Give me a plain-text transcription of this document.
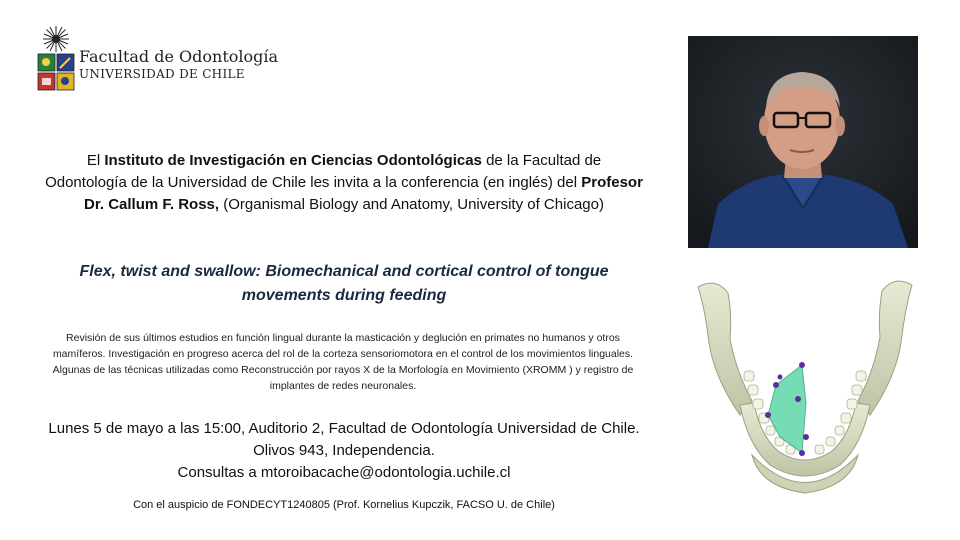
Facultad de Odontología
UNIVERSIDAD DE CHILE
El Instituto de Investigación en Ciencias Odontológicas de la Facultad de Odontología de la Universidad de Chile les invita a la conferencia (en inglés) del Profesor Dr. Callum F. Ross, (Organismal Biology and Anatomy, University of Chicago)
Flex, twist and swallow: Biomechanical and cortical control of tongue movements during feeding
Revisión de sus últimos estudios en función lingual durante la masticación y deglución en primates no humanos y otros mamíferos. Investigación en progreso acerca del rol de la corteza sensoriomotora en el control de los movimientos linguales. Algunas de las técnicas utilizadas como Reconstrucción por rayos X de la Morfología en Movimiento (XROMM ) y registro de implantes de redes neuronales.
Lunes 5 de mayo a las 15:00, Auditorio 2, Facultad de Odontología Universidad de Chile. Olivos 943, Independencia.
Consultas a mtoroibacache@odontologia.uchile.cl
Con el auspicio de FONDECYT1240805 (Prof. Kornelius Kupczik, FACSO U. de Chile)
